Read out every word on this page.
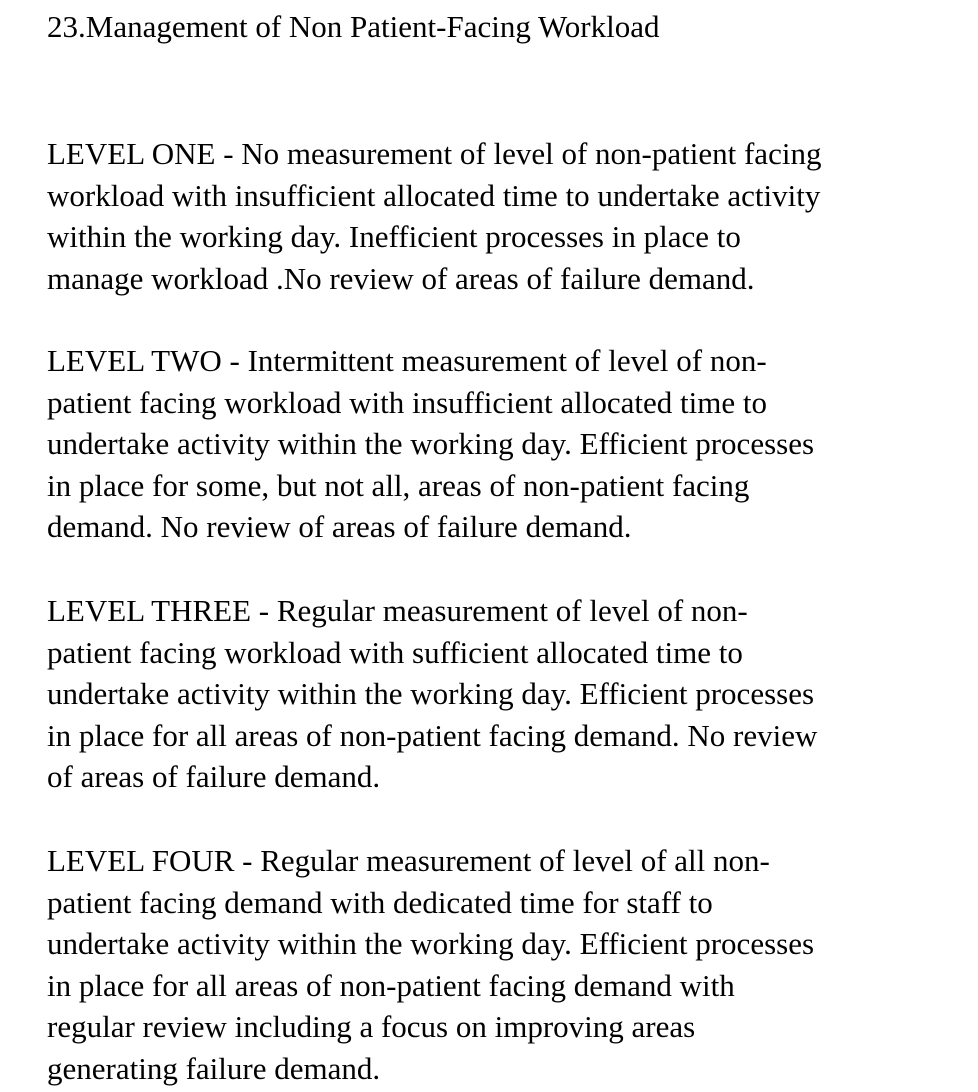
23.Management of Non Patient-Facing Workload

LEVEL ONE - No measurement of level of non-patient facing
workload with insufficient allocated time to undertake activity
within the working day. Inefficient processes in place to
manage workload .No review of areas of failure demand.

LEVEL TWO - Intermittent measurement of level of non-
patient facing workload with insufficient allocated time to
undertake activity within the working day. Efficient processes
in place for some, but not all, areas of non-patient facing
demand. No review of areas of failure demand.

LEVEL THREE - Regular measurement of level of non-
patient facing workload with sufficient allocated time to
undertake activity within the working day. Efficient processes
in place for all areas of non-patient facing demand. No review
of areas of failure demand.

LEVEL FOUR - Regular measurement of level of all non-
patient facing demand with dedicated time for staff to
undertake activity within the working day. Efficient processes
in place for all areas of non-patient facing demand with
regular review including a focus on improving areas
generating failure demand.
